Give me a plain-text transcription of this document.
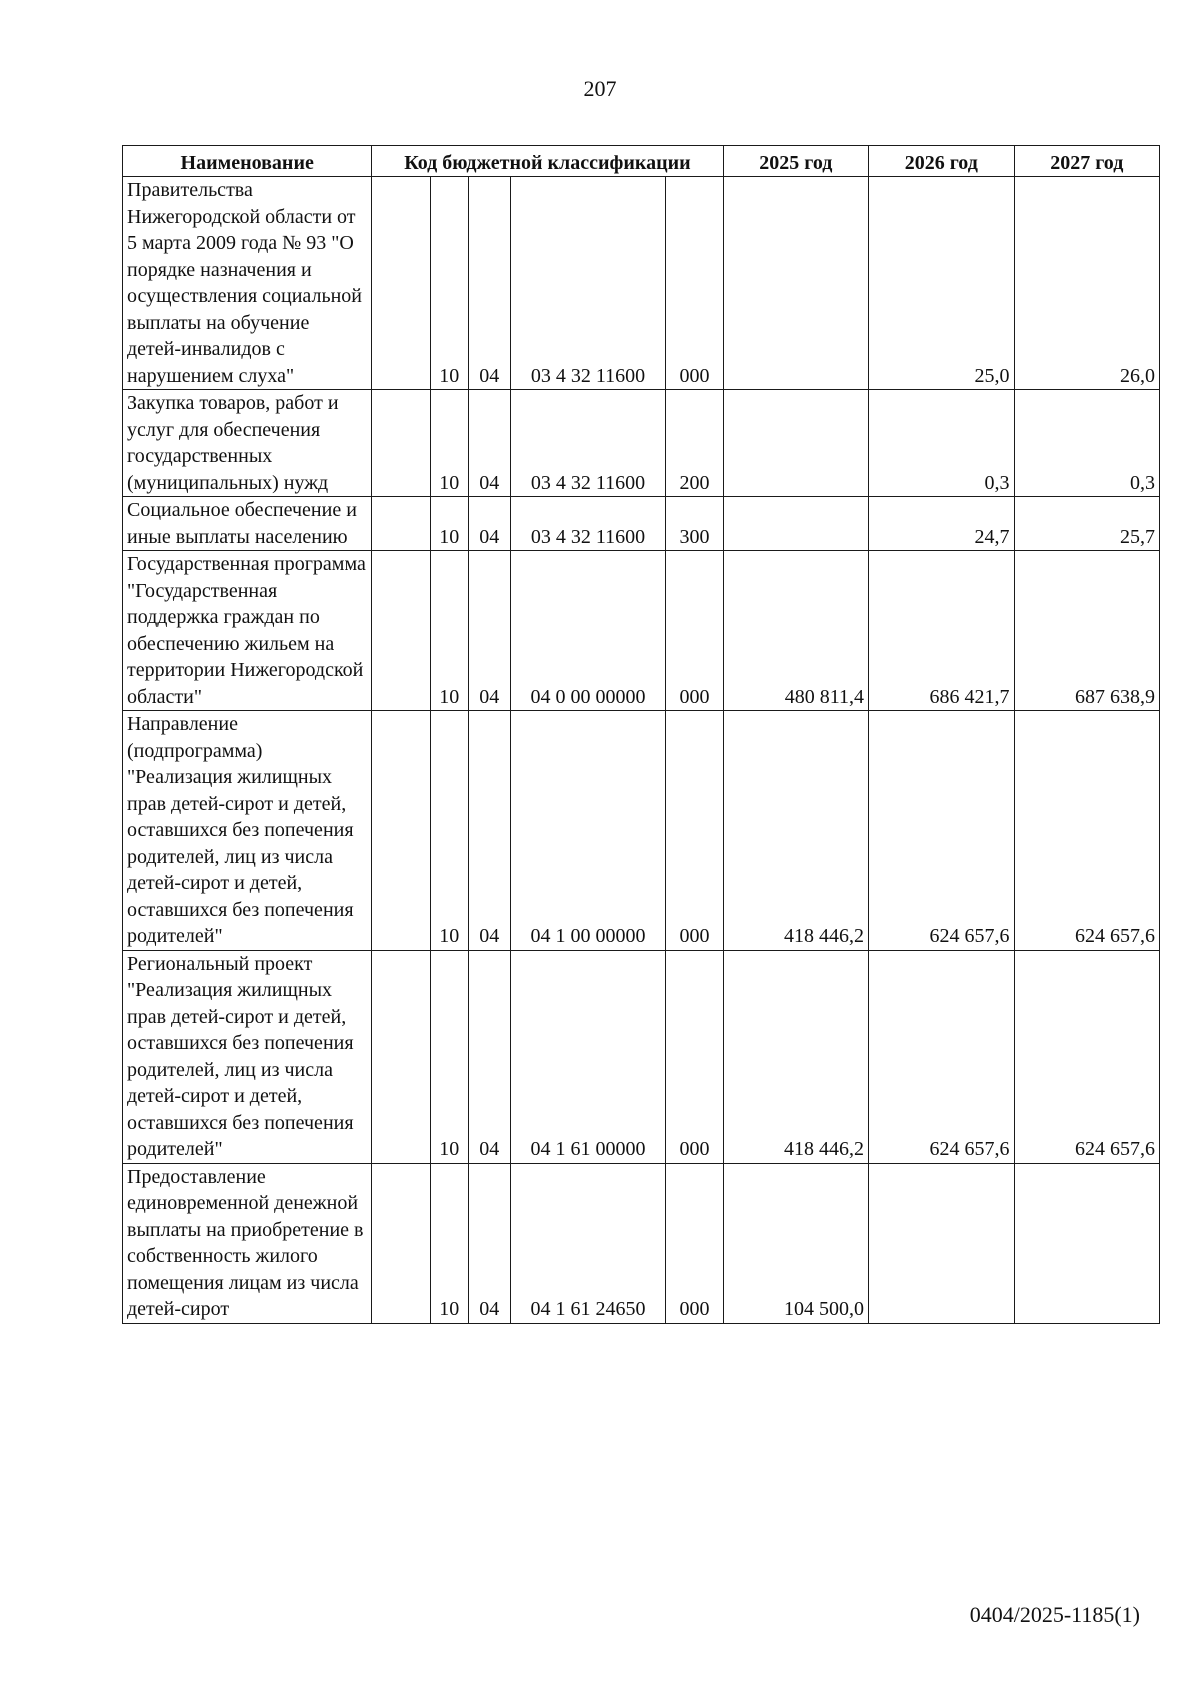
207
Наименование	Код бюджетной классификации					2025 год	2026 год	2027 год
Правительства Нижегородской области от 5 марта 2009 года № 93 "О порядке назначения и осуществления социальной выплаты на обучение детей-инвалидов с нарушением слуха"		10	04	03 4 32 11600	000		25,0	26,0
Закупка товаров, работ и услуг для обеспечения государственных (муниципальных) нужд		10	04	03 4 32 11600	200		0,3	0,3
Социальное обеспечение и иные выплаты населению		10	04	03 4 32 11600	300		24,7	25,7
Государственная программа "Государственная поддержка граждан по обеспечению жильем на территории Нижегородской области"		10	04	04 0 00 00000	000	480 811,4	686 421,7	687 638,9
Направление (подпрограмма) "Реализация жилищных прав детей-сирот и детей, оставшихся без попечения родителей, лиц из числа детей-сирот и детей, оставшихся без попечения родителей"		10	04	04 1 00 00000	000	418 446,2	624 657,6	624 657,6
Региональный проект "Реализация жилищных прав детей-сирот и детей, оставшихся без попечения родителей, лиц из числа детей-сирот и детей, оставшихся без попечения родителей"		10	04	04 1 61 00000	000	418 446,2	624 657,6	624 657,6
Предоставление единовременной денежной выплаты на приобретение в собственность жилого помещения лицам из числа детей-сирот		10	04	04 1 61 24650	000	104 500,0		
0404/2025-1185(1)
